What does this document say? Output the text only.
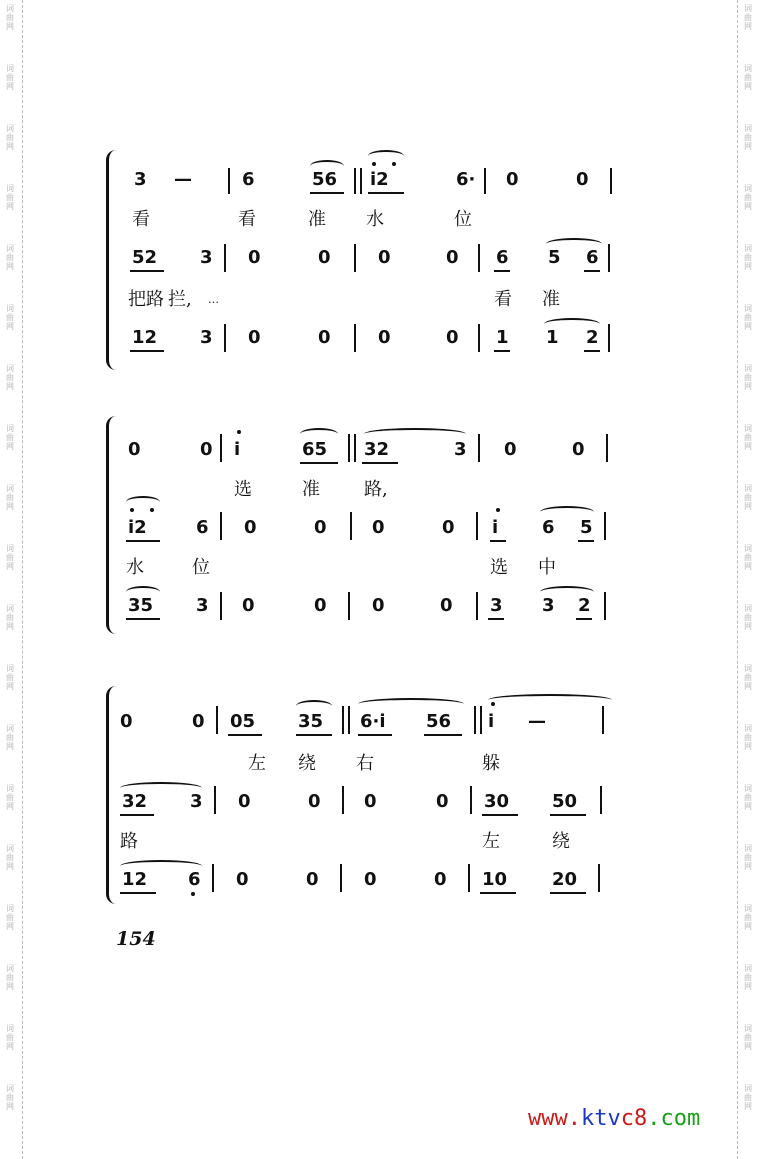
词
曲
网
词
曲
网
词
曲
网
词
曲
网
词
曲
网
词
曲
网
词
曲
网
词
曲
网
词
曲
网
词
曲
网
词
曲
网
词
曲
网
词
曲
网
词
曲
网
词
曲
网
词
曲
网
词
曲
网
词
曲
网
词
曲
网
词
曲
网
词
曲
网
词
曲
网
词
曲
网
词
曲
网
词
曲
网
词
曲
网
词
曲
网
词
曲
网
词
曲
网
词
曲
网
词
曲
网
词
曲
网
词
曲
网
词
曲
网
词
曲
网
词
曲
网
词
曲
网
词
曲
网
3 —	6	56 i2	6· 0	0
看	看	准 水	位
52 3 0	0	0	0 6 5 6
把路 拦, …	看 准
12 3 0	0	0	0 1 1 2
0	0 i	65 32	3 0	0
选	准 路,
i2	6 0	0	0	0 i 6 5
水	位	选 中
35 3 0	0	0	0 3 3 2
0	0 05 35 6·i 56 i —
左 绕 右	躲
32 3 0	0 0	0 30 50
路	左	绕
12 6 0	0	0	0 10 20
154
www.ktvc8.com
